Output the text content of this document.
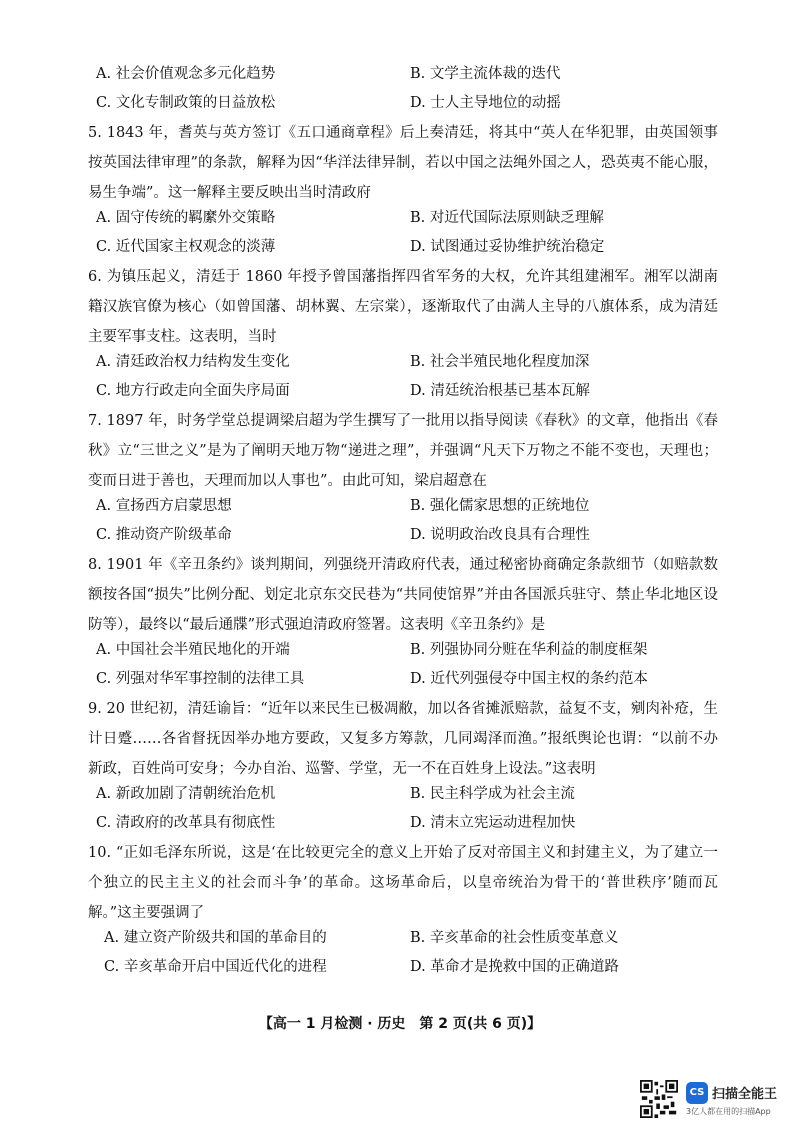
A. 社会价值观念多元化趋势	B. 文学主流体裁的迭代
C. 文化专制政策的日益放松	D. 士人主导地位的动摇
5. 1843 年，耆英与英方签订《五口通商章程》后上奏清廷，将其中“英人在华犯罪，由英国领事按英国法律审理”的条款，解释为因“华洋法律异制，若以中国之法绳外国之人，恐英夷不能心服，易生争端”。这一解释主要反映出当时清政府
A. 固守传统的羁縻外交策略	B. 对近代国际法原则缺乏理解
C. 近代国家主权观念的淡薄	D. 试图通过妥协维护统治稳定
6. 为镇压起义，清廷于 1860 年授予曾国藩指挥四省军务的大权，允许其组建湘军。湘军以湖南籍汉族官僚为核心（如曾国藩、胡林翼、左宗棠），逐渐取代了由满人主导的八旗体系，成为清廷主要军事支柱。这表明，当时
A. 清廷政治权力结构发生变化	B. 社会半殖民地化程度加深
C. 地方行政走向全面失序局面	D. 清廷统治根基已基本瓦解
7. 1897 年，时务学堂总提调梁启超为学生撰写了一批用以指导阅读《春秋》的文章，他指出《春秋》立“三世之义”是为了阐明天地万物“递进之理”，并强调“凡天下万物之不能不变也，天理也；变而日进于善也，天理而加以人事也”。由此可知，梁启超意在
A. 宣扬西方启蒙思想	B. 强化儒家思想的正统地位
C. 推动资产阶级革命	D. 说明政治改良具有合理性
8. 1901 年《辛丑条约》谈判期间，列强绕开清政府代表，通过秘密协商确定条款细节（如赔款数额按各国“损失”比例分配、划定北京东交民巷为“共同使馆界”并由各国派兵驻守、禁止华北地区设防等），最终以“最后通牒”形式强迫清政府签署。这表明《辛丑条约》是
A. 中国社会半殖民地化的开端	B. 列强协同分赃在华利益的制度框架
C. 列强对华军事控制的法律工具	D. 近代列强侵夺中国主权的条约范本
9. 20 世纪初，清廷谕旨：“近年以来民生已极凋敝，加以各省摊派赔款，益复不支，剜肉补疮，生计日蹙……各省督抚因举办地方要政，又复多方筹款，几同竭泽而渔。”报纸舆论也谓：“以前不办新政，百姓尚可安身；今办自治、巡警、学堂，无一不在百姓身上设法。”这表明
A. 新政加剧了清朝统治危机	B. 民主科学成为社会主流
C. 清政府的改革具有彻底性	D. 清末立宪运动进程加快
10. “正如毛泽东所说，这是‘在比较更完全的意义上开始了反对帝国主义和封建主义，为了建立一个独立的民主主义的社会而斗争’的革命。这场革命后，以皇帝统治为骨干的‘普世秩序’随而瓦解。”这主要强调了
A. 建立资产阶级共和国的革命目的	B. 辛亥革命的社会性质变革意义
C. 辛亥革命开启中国近代化的进程	D. 革命才是挽救中国的正确道路
【高一 1 月检测 · 历史　第 2 页(共 6 页)】
CS 扫描全能王
3亿人都在用的扫描App
